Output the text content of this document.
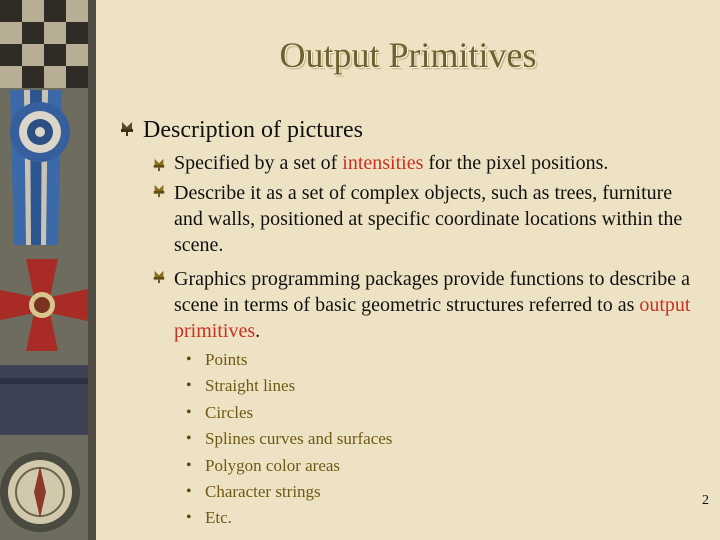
Output Primitives
Description of pictures
Specified by a set of intensities for the pixel positions.
Describe it as a set of complex objects, such as trees, furniture and walls, positioned at specific coordinate locations within the scene.
Graphics programming packages provide functions to describe a scene in terms of basic geometric structures referred to as output primitives.
• Points
• Straight lines
• Circles
• Splines curves and surfaces
• Polygon color areas
• Character strings
• Etc.
2
